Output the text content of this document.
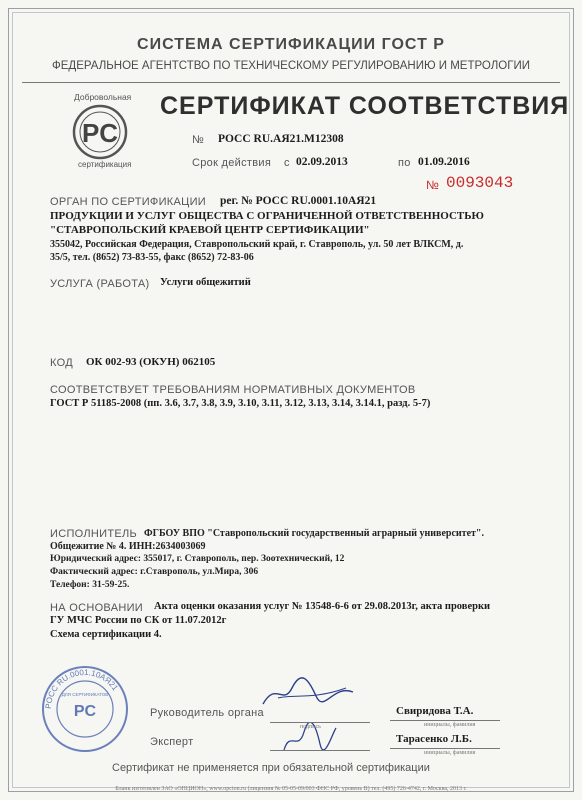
СИСТЕМА СЕРТИФИКАЦИИ ГОСТ Р
ФЕДЕРАЛЬНОЕ АГЕНТСТВО ПО ТЕХНИЧЕСКОМУ РЕГУЛИРОВАНИЮ И МЕТРОЛОГИИ
PC
Добровольная
сертификация
СЕРТИФИКАТ СООТВЕТСТВИЯ
№ РОСС RU.АЯ21.М12308
Срок действия с 02.09.2013	по 01.09.2016
№ 0093043
ОРГАН ПО СЕРТИФИКАЦИИ рег. № РОСС RU.0001.10АЯ21
ПРОДУКЦИИ И УСЛУГ ОБЩЕСТВА С ОГРАНИЧЕННОЙ ОТВЕТСТВЕННОСТЬЮ
"СТАВРОПОЛЬСКИЙ КРАЕВОЙ ЦЕНТР СЕРТИФИКАЦИИ"
355042, Российская Федерация, Ставропольский край, г. Ставрополь, ул. 50 лет ВЛКСМ, д.
35/5, тел. (8652) 73-83-55, факс (8652) 72-83-06
УСЛУГА (РАБОТА) Услуги общежитий
КОД ОК 002-93 (ОКУН) 062105
СООТВЕТСТВУЕТ ТРЕБОВАНИЯМ НОРМАТИВНЫХ ДОКУМЕНТОВ
ГОСТ Р 51185-2008 (пп. 3.6, 3.7, 3.8, 3.9, 3.10, 3.11, 3.12, 3.13, 3.14, 3.14.1, разд. 5-7)
ИСПОЛНИТЕЛЬ ФГБОУ ВПО "Ставропольский государственный аграрный университет".
Общежитие № 4. ИНН:2634003069
Юридический адрес: 355017, г. Ставрополь, пер. Зоотехнический, 12
Фактический адрес: г.Ставрополь, ул.Мира, 306
Телефон: 31-59-25.
НА ОСНОВАНИИ Акта оценки оказания услуг № 13548-6-6 от 29.08.2013г, акта проверки
ГУ МЧС России по СК от 11.07.2012г
Схема сертификации 4.
РОСС RU.0001.10АЯ21
PC
ДЛЯ СЕРТИФИКАТОВ
Руководитель органа
подпись
Свиридова Т.А.
инициалы, фамилия
Эксперт	Тарасенко Л.Б.
инициалы, фамилия
Сертификат не применяется при обязательной сертификации
Бланк изготовлен ЗАО «ОПЦИОН», www.opcion.ru (лицензия № 05-05-09/003 ФНС РФ, уровень В) тел. (495) 726-4742, г. Москва, 2013 г.
